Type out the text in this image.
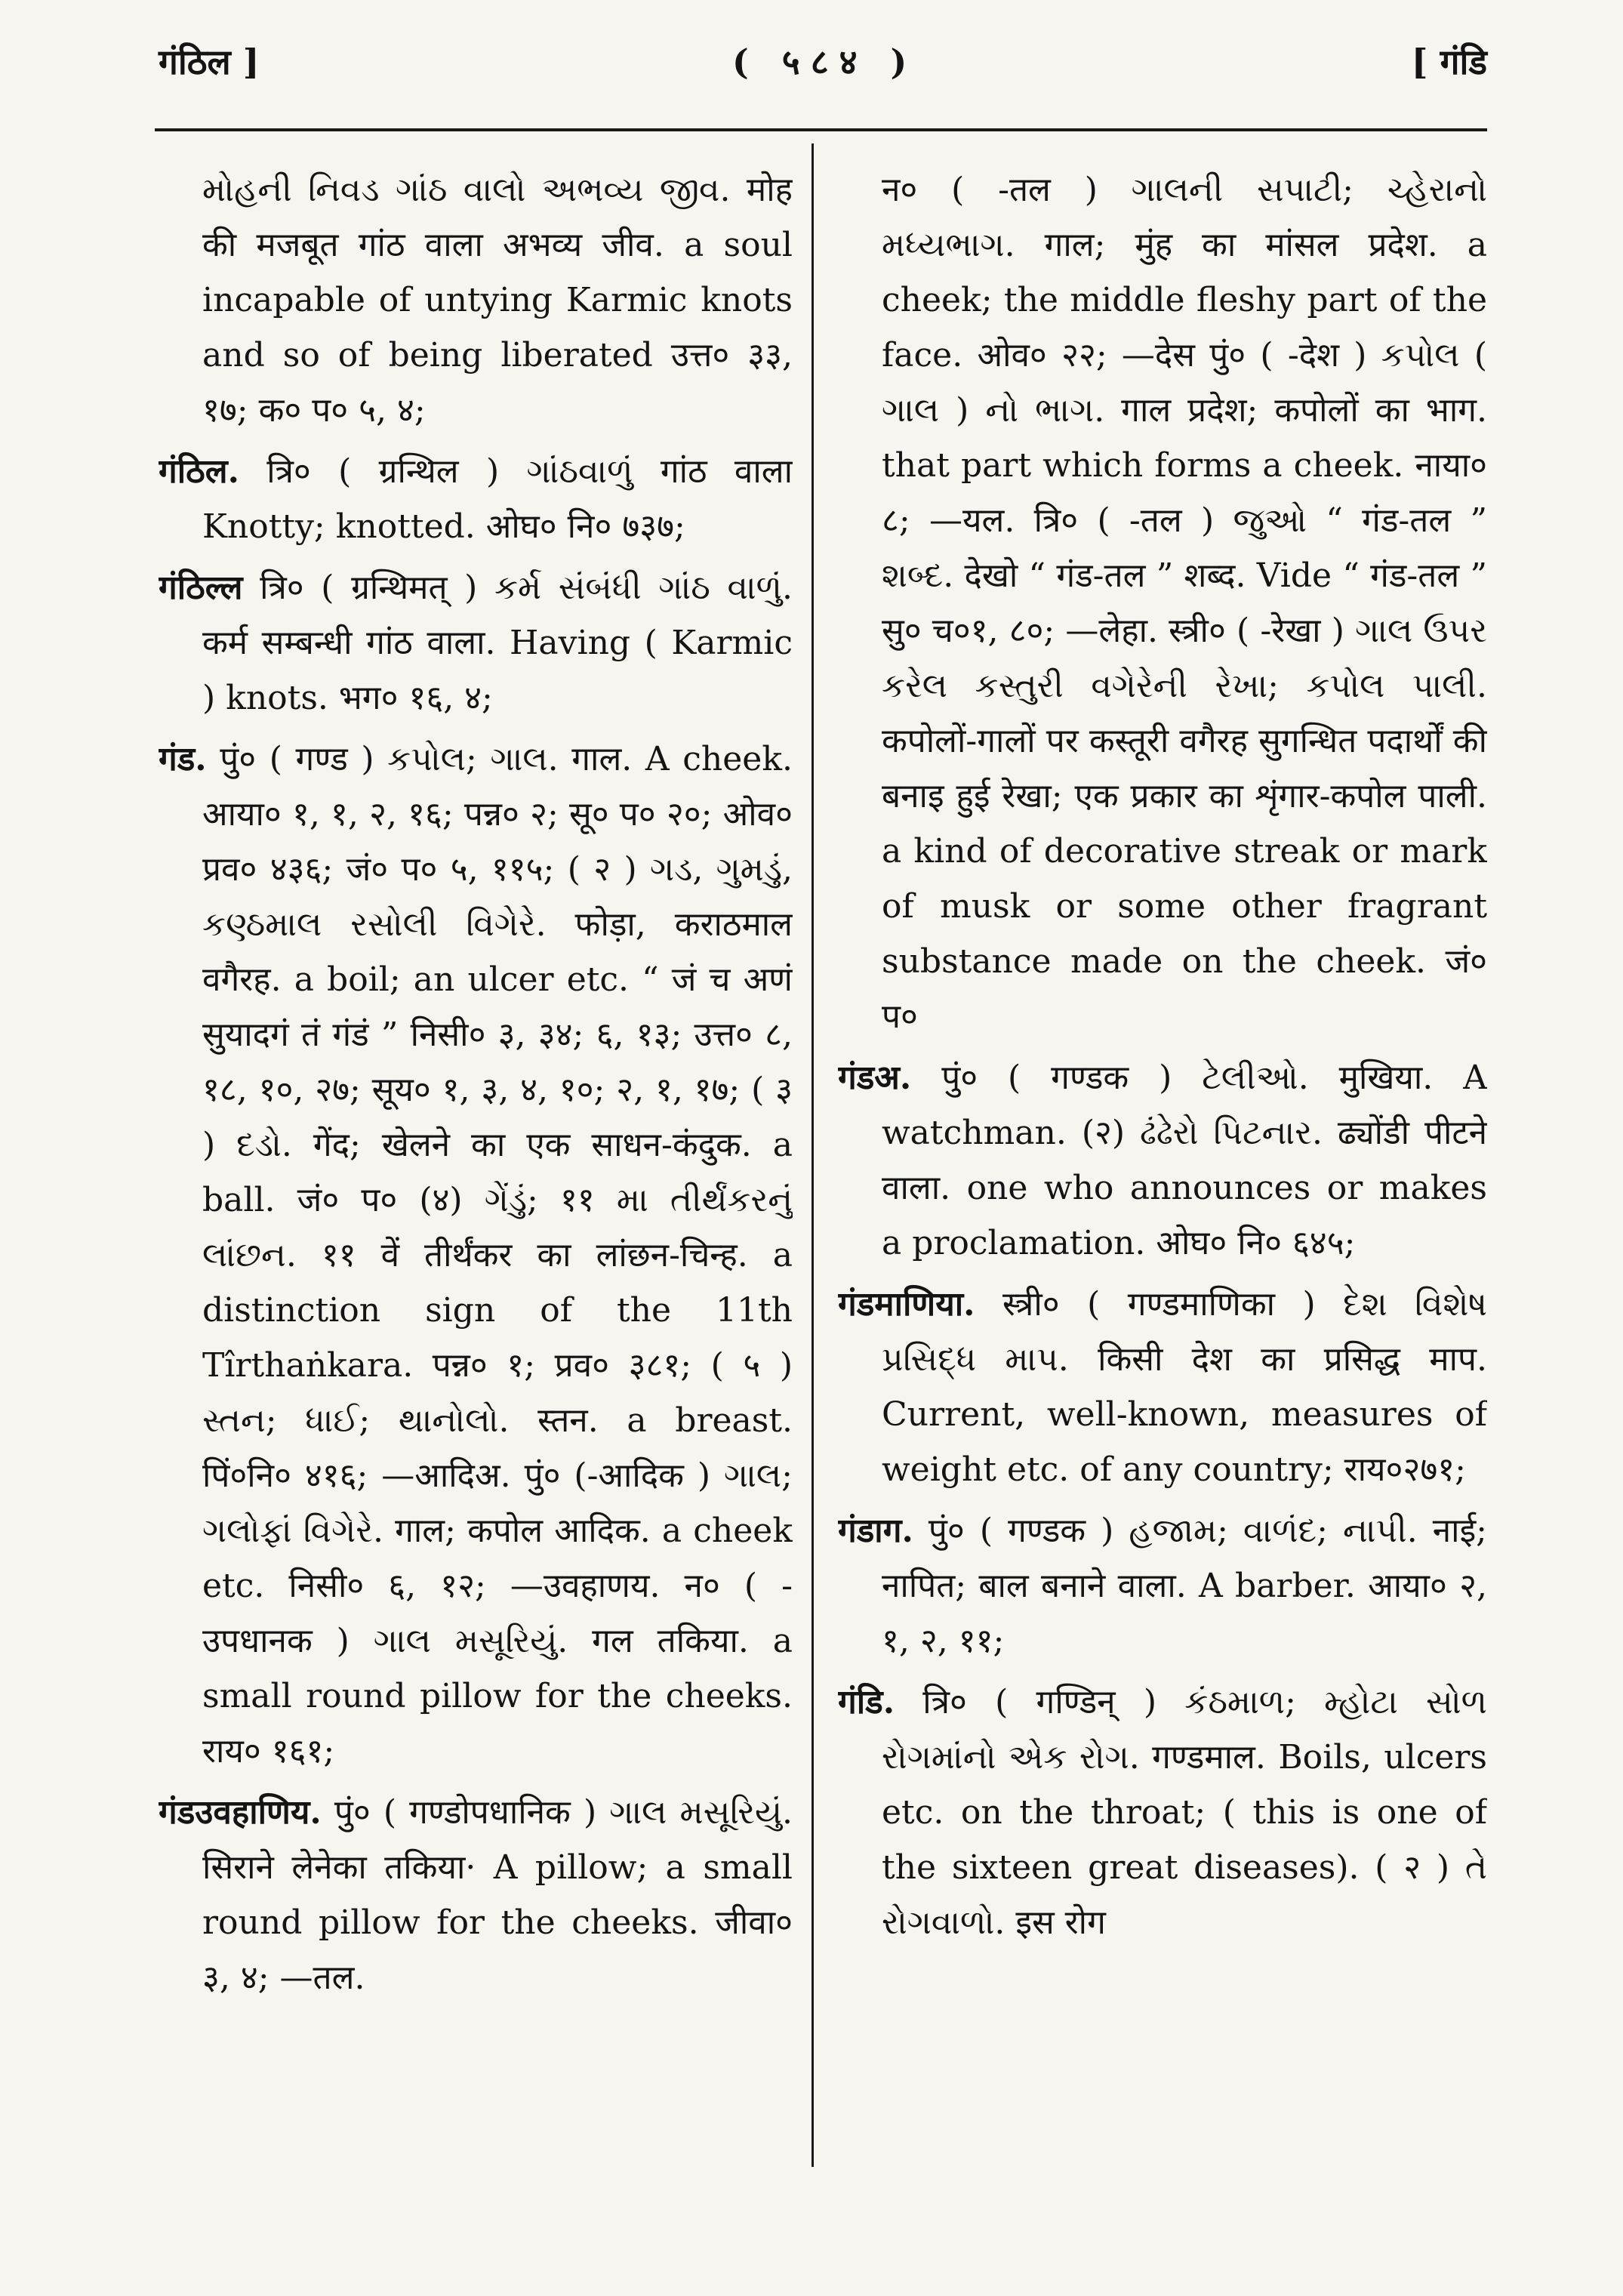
गंठिल ]	( ५८४ )	[ गंडि

મોહની નિવડ ગાંઠ વાલો અભવ્ય જીવ. मोह की मजबूत गांठ वाला अभव्य जीव. a soul incapable of untying Karmic knots and so of being liberated उत्त० ३३, १७; क० प० ५, ४;

गंठिल. त्रि० ( ग्रन्थिल ) ગાંઠવાળું गांठ वाला Knotty; knotted. ओघ० नि० ७३७;

गंठिल्ल त्रि० ( ग्रन्थिमत् ) કર્મ સંબંધી ગાંઠ વાળું. कर्म सम्बन्धी गांठ वाला. Having ( Karmic ) knots. भग० १६, ४;

गंड. पुं० ( गण्ड ) કપોલ; ગાલ. गाल. A cheek. आया० १, १, २, १६; पन्न० २; सू० प० २०; ओव० प्रव० ४३६; जं० प० ५, ११५; ( २ ) ગડ, ગુમડું, કણ્ઠમાલ રસોલી વિગેરે. फोड़ा, कराठमाल वगैरह. a boil; an ulcer etc. “ जं च अणं सुयादगं तं गंडं ” निसी० ३, ३४; ६, १३; उत्त० ८, १८, १०, २७; सूय० १, ३, ४, १०; २, १, १७; ( ३ ) દડો. गेंद; खेलने का एक साधन-कंदुक. a ball. जं० प० (४) ગેંડું; ११ મા તીર્થંકરનું લાંછન. ११ वें तीर्थंकर का लांछन-चिन्ह. a distinction sign of the 11th Tîrthaṅkara. पन्न० १; प्रव० ३८१; ( ५ ) સ્તન; ધાઈ; થાનોલો. स्तन. a breast. पिं०नि० ४१६; —आदिअ. पुं० (-आदिक ) ગાલ; ગલોફાં વિગેરે. गाल; कपोल आदिक. a cheek etc. निसी० ६, १२; —उवहाणय. न० ( -उपधानक ) ગાલ મસૂરિયું. गल तकिया. a small round pillow for the cheeks. राय० १६१;

गंडउवहाणिय. पुं० ( गण्डोपधानिक ) ગાલ મસૂરિયું. सिराने लेनेका तकिया· A pillow; a small round pillow for the cheeks. जीवा० ३, ४; —तल.

न० ( -तल ) ગાલની સપાટી; ચ્હેરાનો મધ્યભાગ. गाल; मुंह का मांसल प्रदेश. a cheek; the middle fleshy part of the face. ओव० २२; —देस पुं० ( -देश ) કપોલ ( ગાલ ) નો ભાગ. गाल प्रदेश; कपोलों का भाग. that part which forms a cheek. नाया० ८; —यल. त्रि० ( -तल ) જુઓ “ गंड-तल ” શબ્દ. देखो “ गंड-तल ” शब्द. Vide “ गंड-तल ” सु० च०१, ८०; —लेहा. स्त्री० ( -रेखा ) ગાલ ઉપર કરેલ કસ્તુરી વગેરેની રેખા; કપોલ પાલી. कपोलों-गालों पर कस्तूरी वगैरह सुगन्धित पदार्थों की बनाइ हुई रेखा; एक प्रकार का शृंगार-कपोल पाली. a kind of decorative streak or mark of musk or some other fragrant substance made on the cheek. जं० प०

गंडअ. पुं० ( गण्डक ) ટેલીઓ. मुखिया. A watchman. (२) ઢંઢેરો પિટનાર. ढ्योंडी पीटने वाला. one who announces or makes a proclamation. ओघ० नि० ६४५;

गंडमाणिया. स्त्री० ( गण्डमाणिका ) દેશ વિશેષ પ્રસિદ્ધ માપ. किसी देश का प्रसिद्ध माप. Current, well-known, measures of weight etc. of any country; राय०२७१;

गंडाग. पुं० ( गण्डक ) હજામ; વાળંદ; નાપી. नाई; नापित; बाल बनाने वाला. A barber. आया० २, १, २, ११;

गंडि. त्रि० ( गण्डिन् ) કંઠમાળ; મ્હોટા સોળ રોગમાંનો એક રોગ. गण्डमाल. Boils, ulcers etc. on the throat; ( this is one of the sixteen great diseases). ( २ ) તે રોગવાળો. इस रोग
